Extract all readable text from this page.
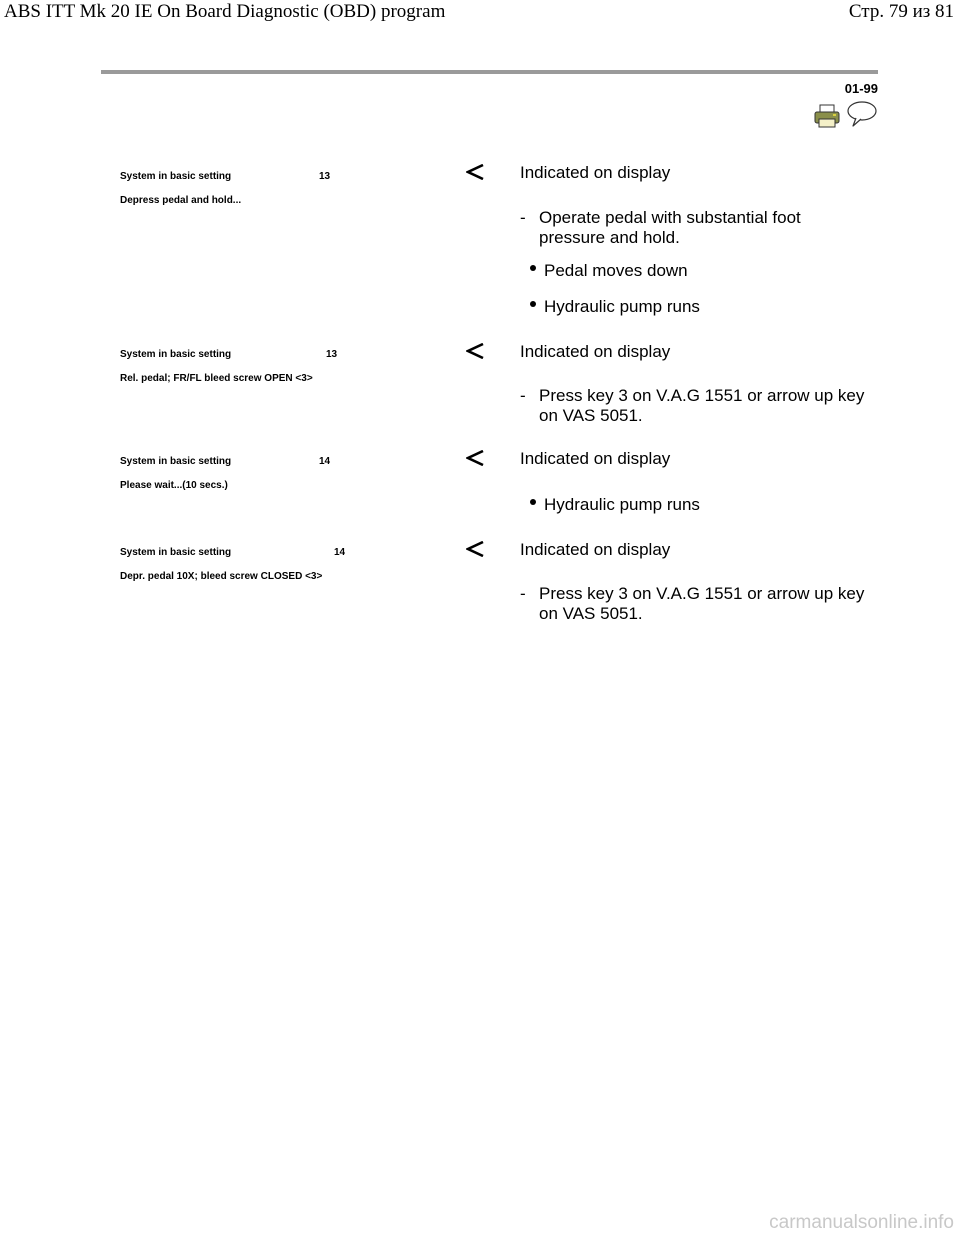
ABS ITT Mk 20 IE On Board Diagnostic (OBD) program	Стр. 79 из 81
01-99
System in basic setting	13
Depress pedal and hold...
Indicated on display
- Operate pedal with substantial foot pressure and hold.
Pedal moves down
Hydraulic pump runs
System in basic setting	13
Rel. pedal; FR/FL bleed screw OPEN <3>
Indicated on display
- Press key 3 on V.A.G 1551 or arrow up key on VAS 5051.
System in basic setting	14
Please wait...(10 secs.)
Indicated on display
Hydraulic pump runs
System in basic setting	14
Depr. pedal 10X; bleed screw CLOSED <3>
Indicated on display
- Press key 3 on V.A.G 1551 or arrow up key on VAS 5051.
carmanualsonline.info
